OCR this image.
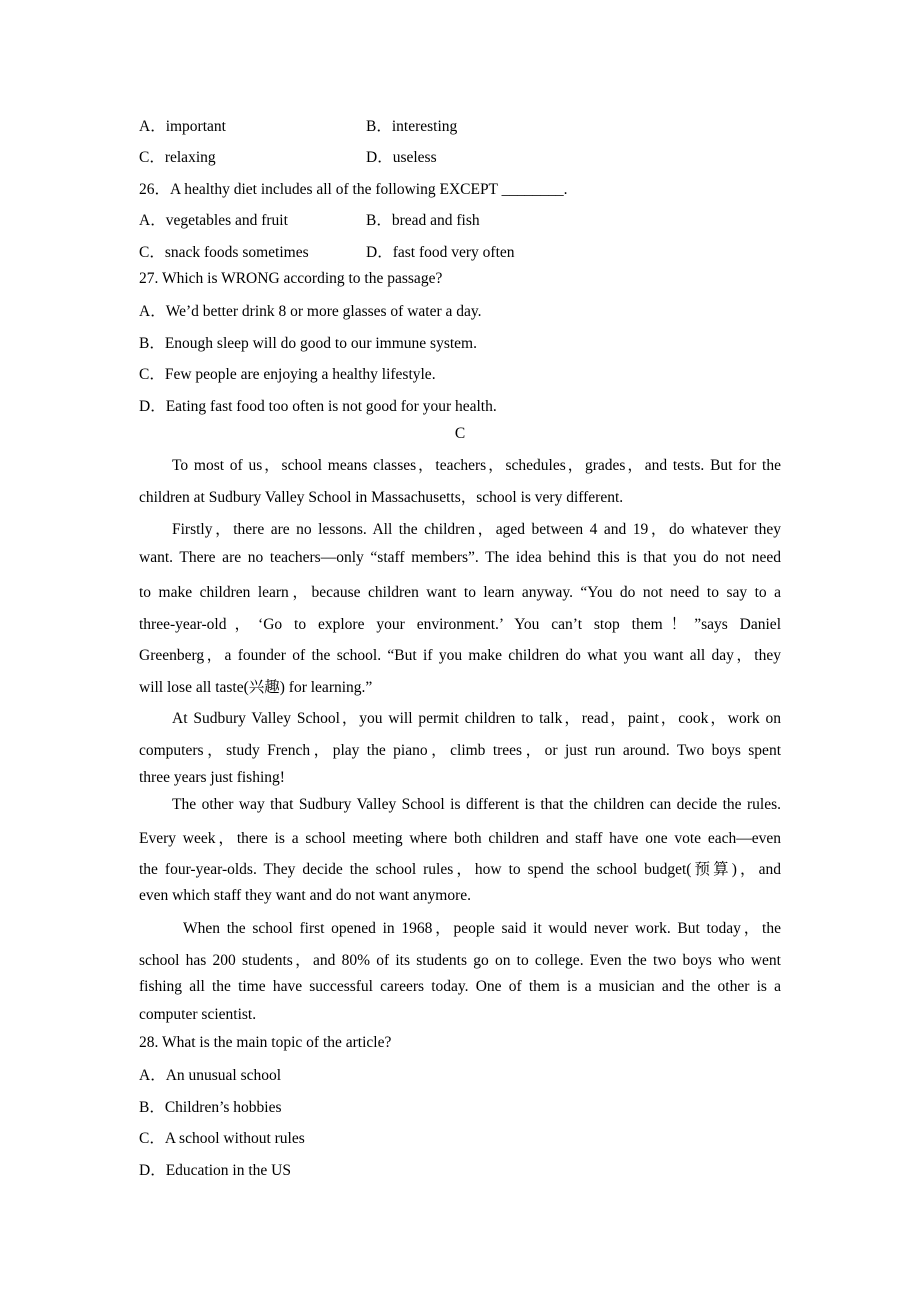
A．important	B．interesting
C．relaxing	D．useless
26．A healthy diet includes all of the following EXCEPT ________.
A．vegetables and fruit	B．bread and fish
C．snack foods sometimes	D．fast food very often
27. Which is WRONG according to the passage?
A．We’d better drink 8 or more glasses of water a day.
B．Enough sleep will do good to our immune system.
C．Few people are enjoying a healthy lifestyle.
D．Eating fast food too often is not good for your health.
C
To most of us，school means classes，teachers，schedules，grades，and tests. But for the
children at Sudbury Valley School in Massachusetts，school is very different.
Firstly，there are no lessons. All the children，aged between 4 and 19，do whatever they
want. There are no teachers—only “staff members”. The idea behind this is that you do not need
to make children learn，because children want to learn anyway. “You do not need to say to a
three-year-old，‘Go to explore your environment.’ You can’t stop them！”says Daniel
Greenberg，a founder of the school. “But if you make children do what you want all day，they
will lose all taste(兴趣) for learning.”
At Sudbury Valley School，you will permit children to talk，read，paint，cook，work on
computers，study French，play the piano，climb trees，or just run around. Two boys spent
three years just fishing!
The other way that Sudbury Valley School is different is that the children can decide the rules.
Every week，there is a school meeting where both children and staff have one vote each—even
the four-year-olds. They decide the school rules，how to spend the school budget(预算)，and
even which staff they want and do not want anymore.
When the school first opened in 1968，people said it would never work. But today，the
school has 200 students，and 80% of its students go on to college. Even the two boys who went
fishing all the time have successful careers today. One of them is a musician and the other is a
computer scientist.
28. What is the main topic of the article?
A．An unusual school
B．Children’s hobbies
C．A school without rules
D．Education in the US
